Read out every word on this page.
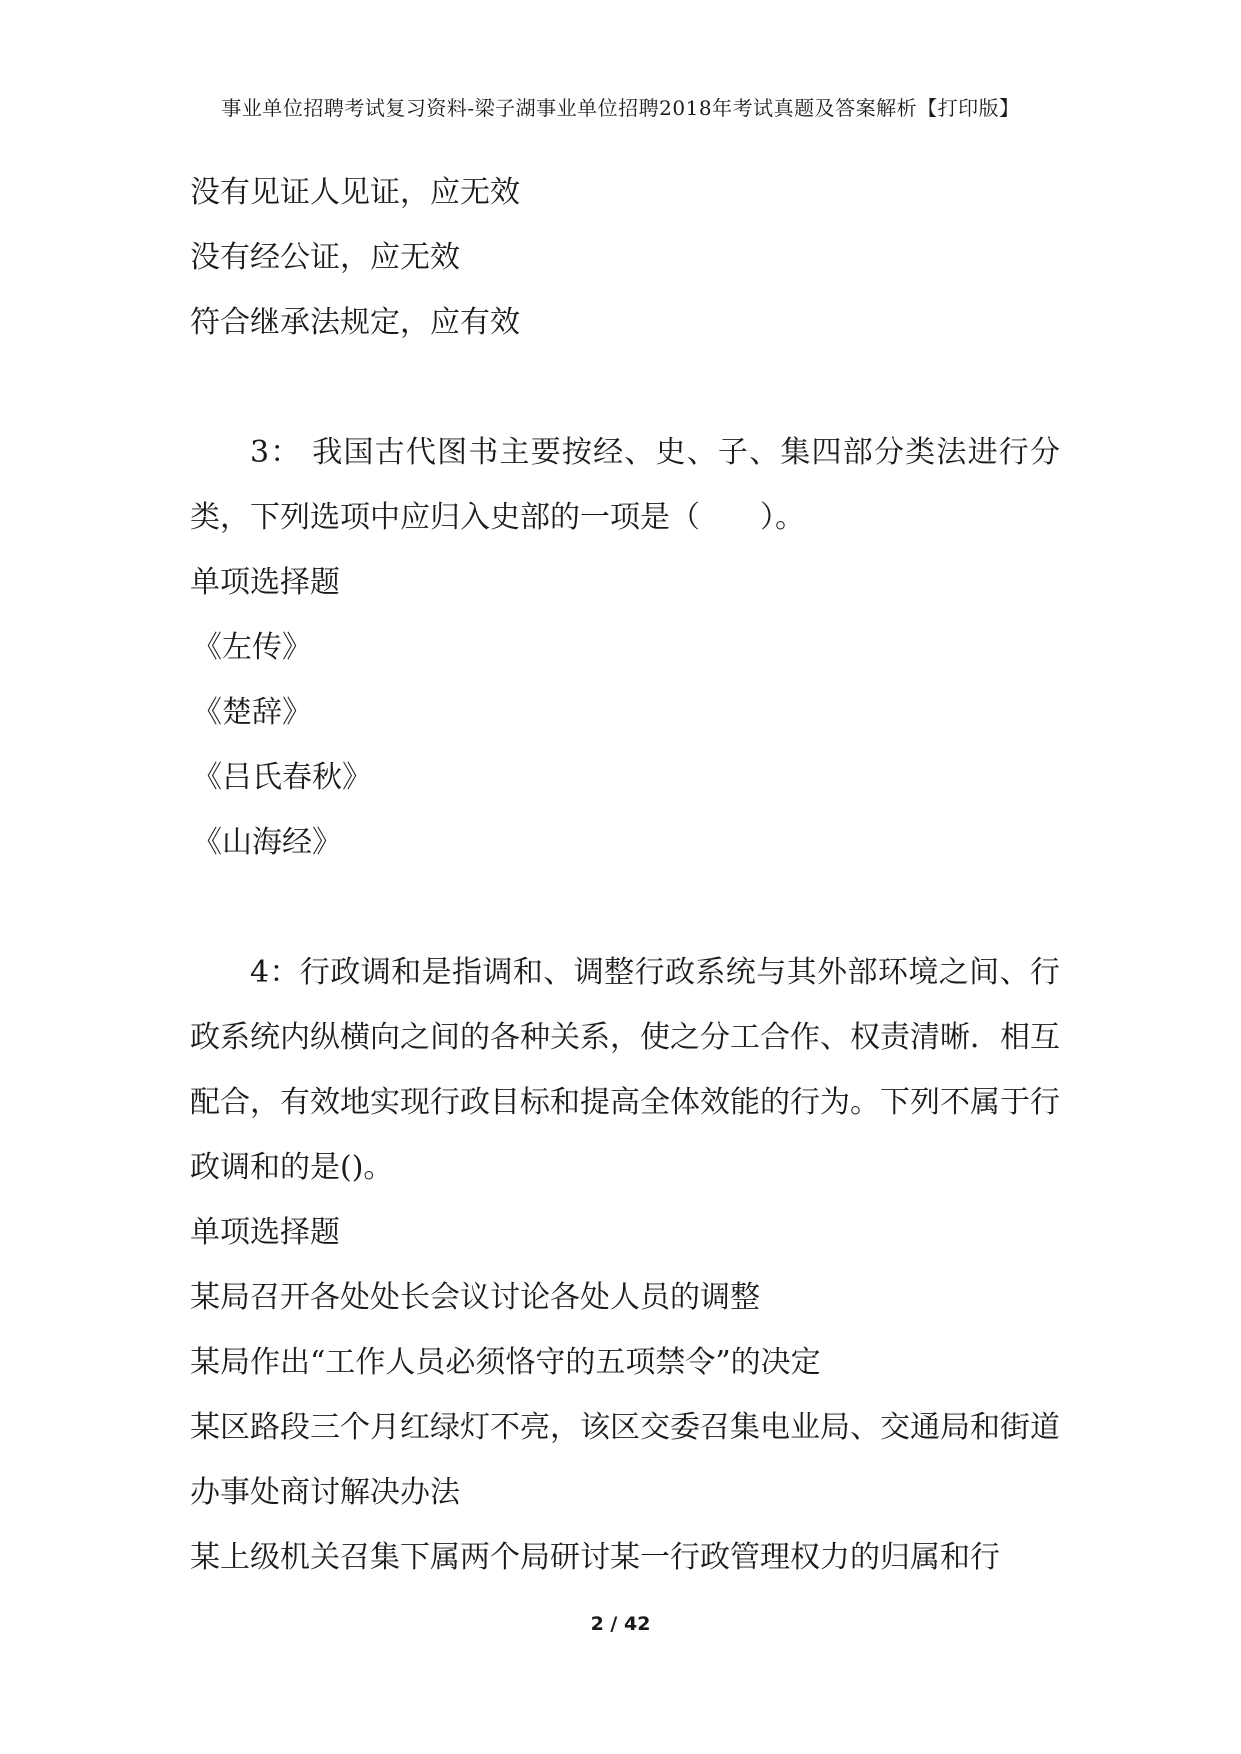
事业单位招聘考试复习资料-梁子湖事业单位招聘2018年考试真题及答案解析【打印版】
没有见证人见证，应无效
没有经公证，应无效
符合继承法规定，应有效
3： 我国古代图书主要按经、史、子、集四部分类法进行分类，下列选项中应归入史部的一项是（　　）。
单项选择题
《左传》
《楚辞》
《吕氏春秋》
《山海经》
4：行政调和是指调和、调整行政系统与其外部环境之间、行政系统内纵横向之间的各种关系，使之分工合作、权责清晰．相互配合，有效地实现行政目标和提高全体效能的行为。下列不属于行政调和的是()。
单项选择题
某局召开各处处长会议讨论各处人员的调整
某局作出“工作人员必须恪守的五项禁令”的决定
某区路段三个月红绿灯不亮，该区交委召集电业局、交通局和街道办事处商讨解决办法
某上级机关召集下属两个局研讨某一行政管理权力的归属和行
2 / 42
